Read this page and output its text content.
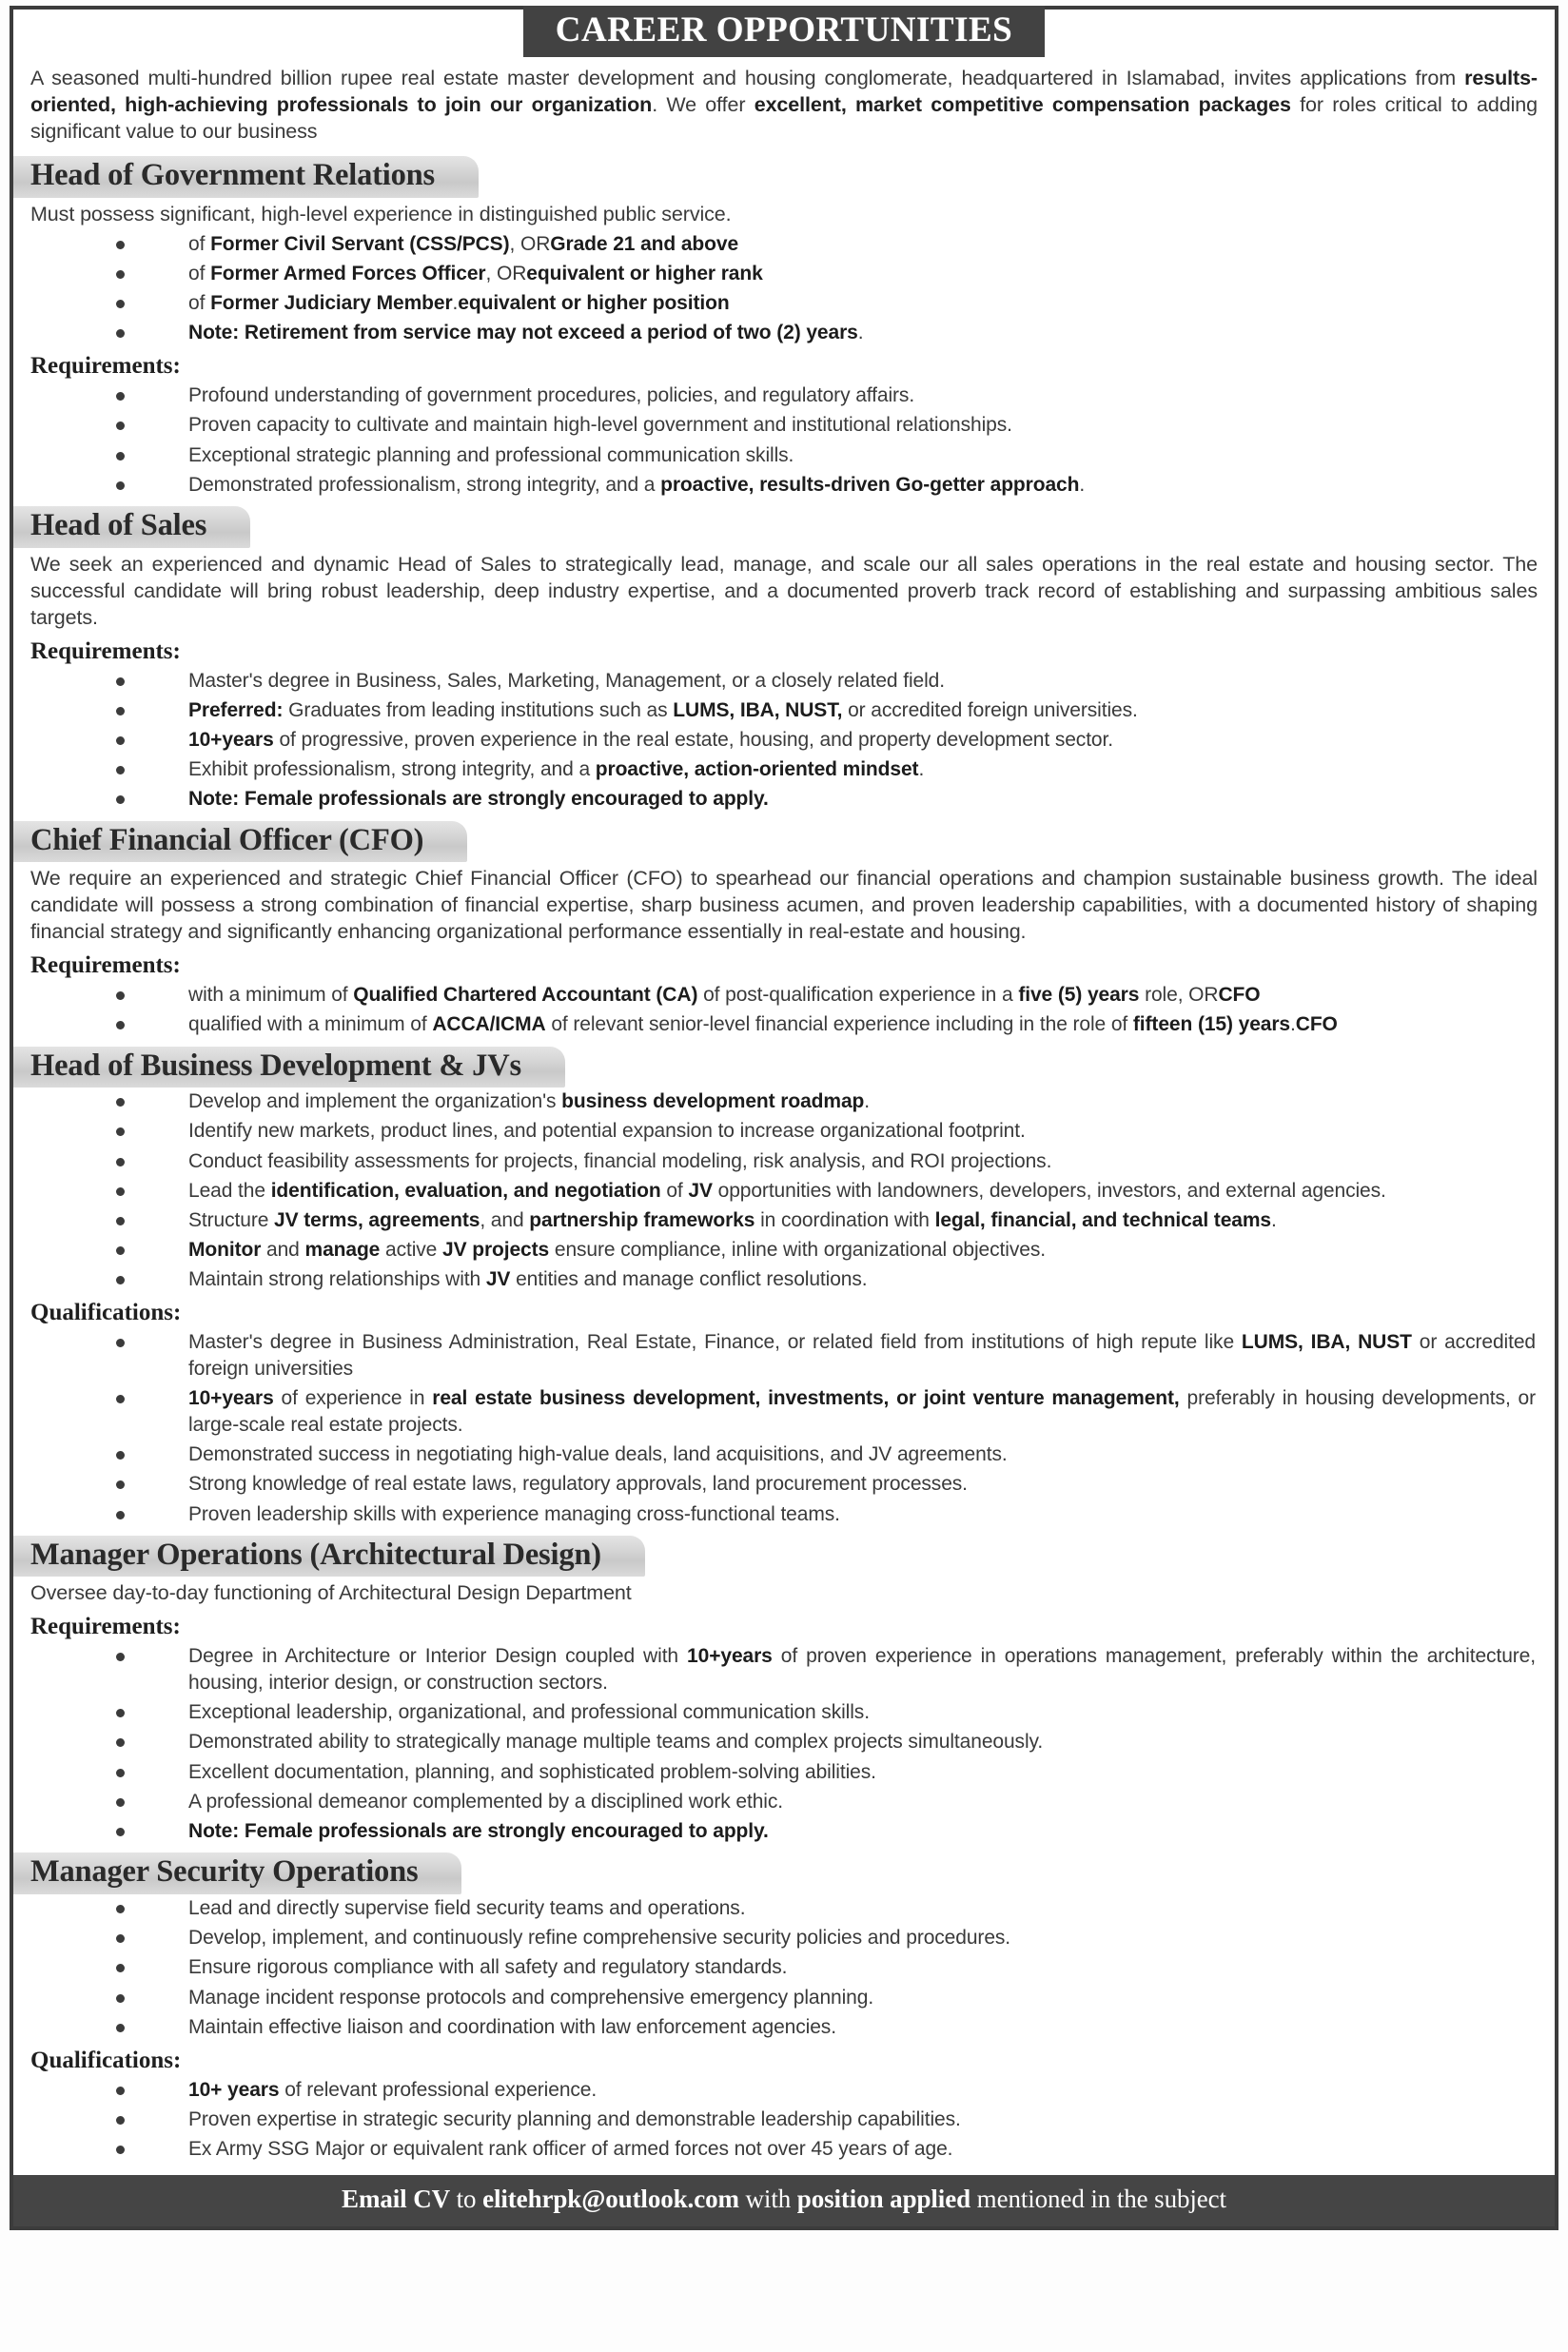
CAREER OPPORTUNITIES

A seasoned multi-hundred billion rupee real estate master development and housing conglomerate, headquartered in Islamabad, invites applications from results-oriented, high-achieving professionals to join our organization. We offer excellent, market competitive compensation packages for roles critical to adding significant value to our business

Head of Government Relations

Must possess significant, high-level experience in distinguished public service.

of Former Civil Servant (CSS/PCS), ORGrade 21 and above
of Former Armed Forces Officer, ORequivalent or higher rank
of Former Judiciary Member.equivalent or higher position
Note: Retirement from service may not exceed a period of two (2) years.
Requirements:
Profound understanding of government procedures, policies, and regulatory affairs.
Proven capacity to cultivate and maintain high-level government and institutional relationships.
Exceptional strategic planning and professional communication skills.
Demonstrated professionalism, strong integrity, and a proactive, results-driven Go-getter approach.
Head of Sales

We seek an experienced and dynamic Head of Sales to strategically lead, manage, and scale our all sales operations in the real estate and housing sector. The successful candidate will bring robust leadership, deep industry expertise, and a documented proverb track record of establishing and surpassing ambitious sales targets.

Requirements:
Master's degree in Business, Sales, Marketing, Management, or a closely related field.
Preferred: Graduates from leading institutions such as LUMS, IBA, NUST, or accredited foreign universities.
10+years of progressive, proven experience in the real estate, housing, and property development sector.
Exhibit professionalism, strong integrity, and a proactive, action-oriented mindset.
Note: Female professionals are strongly encouraged to apply.
Chief Financial Officer (CFO)

We require an experienced and strategic Chief Financial Officer (CFO) to spearhead our financial operations and champion sustainable business growth. The ideal candidate will possess a strong combination of financial expertise, sharp business acumen, and proven leadership capabilities, with a documented history of shaping financial strategy and significantly enhancing organizational performance essentially in real-estate and housing.

Requirements:
with a minimum of Qualified Chartered Accountant (CA) of post-qualification experience in a five (5) years role, ORCFO
qualified with a minimum of ACCA/ICMA of relevant senior-level financial experience including in the role of fifteen (15) years.CFO
Head of Business Development & JVs
Develop and implement the organization's business development roadmap.
Identify new markets, product lines, and potential expansion to increase organizational footprint.
Conduct feasibility assessments for projects, financial modeling, risk analysis, and ROI projections.
Lead the identification, evaluation, and negotiation of JV opportunities with landowners, developers, investors, and external agencies.
Structure JV terms, agreements, and partnership frameworks in coordination with legal, financial, and technical teams.
Monitor and manage active JV projects ensure compliance, inline with organizational objectives.
Maintain strong relationships with JV entities and manage conflict resolutions.
Qualifications:
Master's degree in Business Administration, Real Estate, Finance, or related field from institutions of high repute like LUMS, IBA, NUST or accredited foreign universities
10+years of experience in real estate business development, investments, or joint venture management, preferably in housing developments, or large-scale real estate projects.
Demonstrated success in negotiating high-value deals, land acquisitions, and JV agreements.
Strong knowledge of real estate laws, regulatory approvals, land procurement processes.
Proven leadership skills with experience managing cross-functional teams.
Manager Operations (Architectural Design)

Oversee day-to-day functioning of Architectural Design Department

Requirements:
Degree in Architecture or Interior Design coupled with 10+years of proven experience in operations management, preferably within the architecture, housing, interior design, or construction sectors.
Exceptional leadership, organizational, and professional communication skills.
Demonstrated ability to strategically manage multiple teams and complex projects simultaneously.
Excellent documentation, planning, and sophisticated problem-solving abilities.
A professional demeanor complemented by a disciplined work ethic.
Note: Female professionals are strongly encouraged to apply.
Manager Security Operations
Lead and directly supervise field security teams and operations.
Develop, implement, and continuously refine comprehensive security policies and procedures.
Ensure rigorous compliance with all safety and regulatory standards.
Manage incident response protocols and comprehensive emergency planning.
Maintain effective liaison and coordination with law enforcement agencies.
Qualifications:
10+ years of relevant professional experience.
Proven expertise in strategic security planning and demonstrable leadership capabilities.
Ex Army SSG Major or equivalent rank officer of armed forces not over 45 years of age.
Email CV to elitehrpk@outlook.com with position applied mentioned in the subject
